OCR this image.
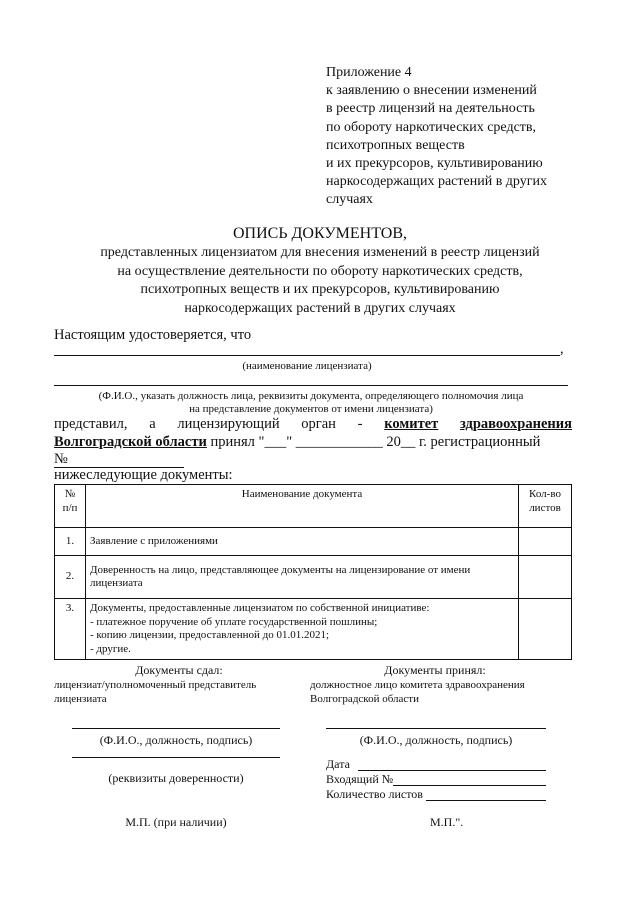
Приложение 4
к заявлению о внесении изменений
в реестр лицензий на деятельность
по обороту наркотических средств,
психотропных веществ
и их прекурсоров, культивированию
наркосодержащих растений в других
случаях
ОПИСЬ ДОКУМЕНТОВ,
представленных лицензиатом для внесения изменений в реестр лицензий
на осуществление деятельности по обороту наркотических средств,
психотропных веществ и их прекурсоров, культивированию
наркосодержащих растений в других случаях
Настоящим удостоверяется, что
,
(наименование лицензиата)
(Ф.И.О., указать должность лица, реквизиты документа, определяющего полномочия лица
на представление документов от имени лицензиата)
представил, а лицензирующий орган - комитет здравоохранения
Волгоградской области принял "___" ____________ 20__ г. регистрационный
№
нижеследующие документы:
№
п/п	Наименование документа	Кол-во
листов
1.	Заявление с приложениями	

2.	Доверенность на лицо, представляющее документы на лицензирование от имени
лицензиата	

3.	Документы, предоставленные лицензиатом по собственной инициативе:
- платежное поручение об уплате государственной пошлины;
- копию лицензии, предоставленной до 01.01.2021;
- другие.	

Документы сдал:
лицензиат/уполномоченный представитель
лицензиата
(Ф.И.О., должность, подпись)
(реквизиты доверенности)
М.П. (при наличии)
Документы принял:
должностное лицо комитета здравоохранения
Волгоградской области
(Ф.И.О., должность, подпись)
Дата
Входящий №
Количество листов
М.П.".
